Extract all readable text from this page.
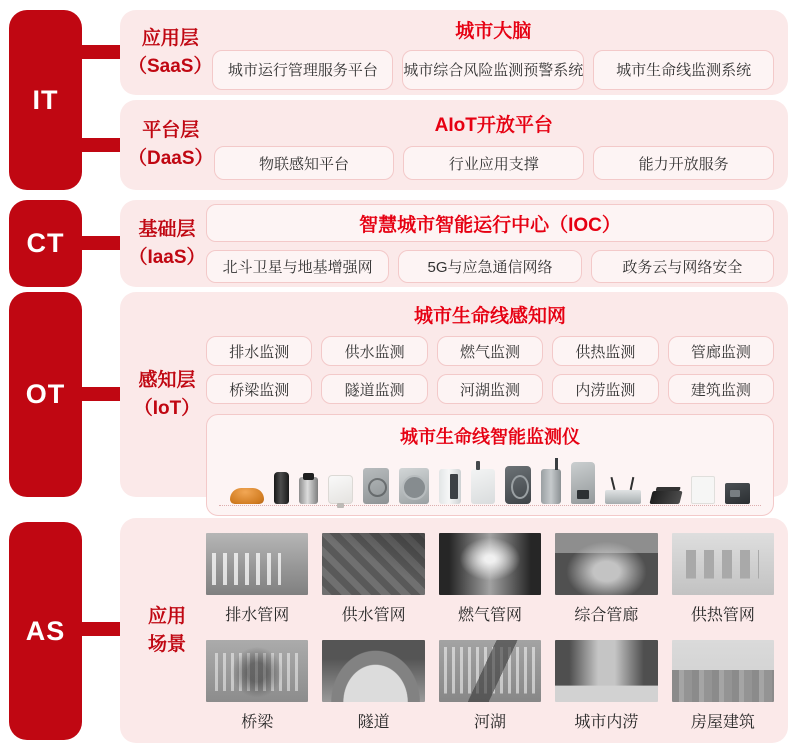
IT
CT
OT
AS
应用层
（SaaS）
城市大脑
城市运行管理服务平台	城市综合风险监测预警系统	城市生命线监测系统
平台层
（DaaS）
AIoT开放平台
物联感知平台	行业应用支撑	能力开放服务
基础层
（IaaS）
智慧城市智能运行中心（IOC）
北斗卫星与地基增强网	5G与应急通信网络	政务云与网络安全
感知层
（IoT）
城市生命线感知网
排水监测	供水监测	燃气监测	供热监测	管廊监测
桥梁监测	隧道监测	河湖监测	内涝监测	建筑监测
城市生命线智能监测仪
应用
场景
排水管网	供水管网	燃气管网	综合管廊	供热管网
桥梁	隧道	河湖	城市内涝	房屋建筑
